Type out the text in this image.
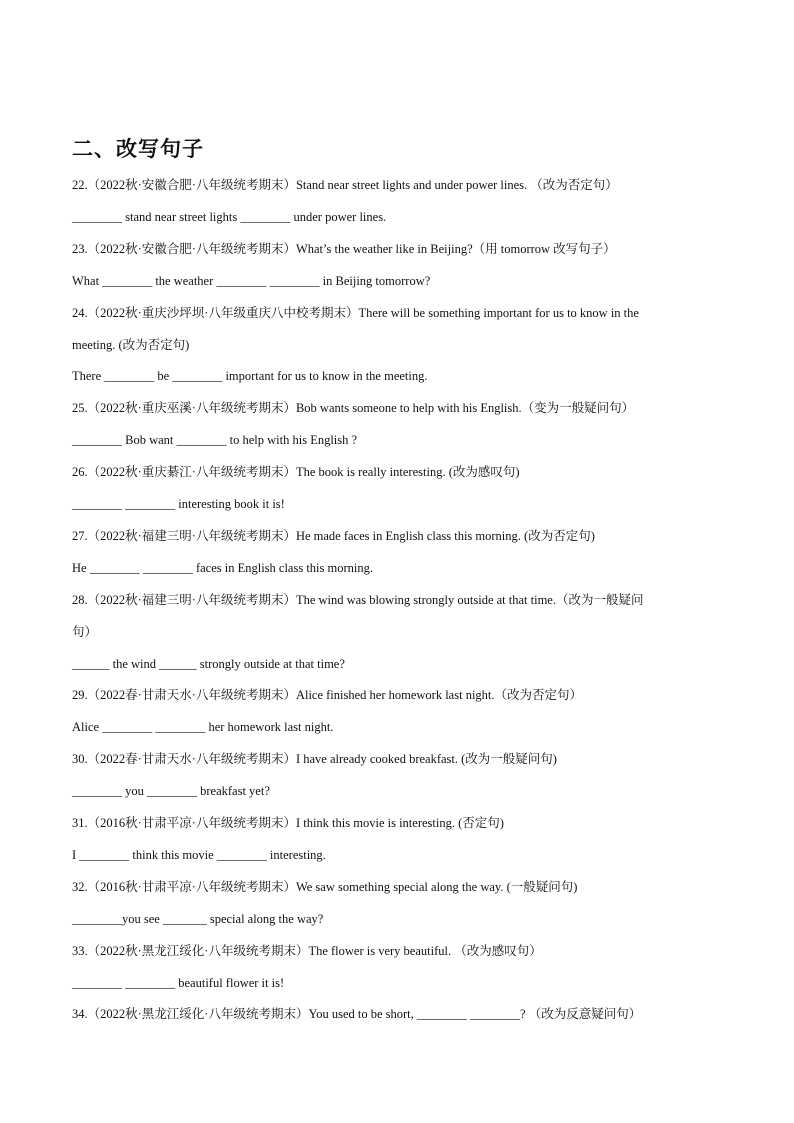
二、改写句子
22.（2022秋·安徽合肥·八年级统考期末）Stand near street lights and under power lines. （改为否定句）
________ stand near street lights ________ under power lines.
23.（2022秋·安徽合肥·八年级统考期末）What’s the weather like in Beijing?（用 tomorrow 改写句子）
What ________ the weather ________ ________ in Beijing tomorrow?
24.（2022秋·重庆沙坪坝·八年级重庆八中校考期末）There will be something important for us to know in the
meeting. (改为否定句)
There ________ be ________ important for us to know in the meeting.
25.（2022秋·重庆巫溪·八年级统考期末）Bob wants someone to help with his English.（变为一般疑问句）
________ Bob want ________ to help with his English ?
26.（2022秋·重庆綦江·八年级统考期末）The book is really interesting. (改为感叹句)
________ ________ interesting book it is!
27.（2022秋·福建三明·八年级统考期末）He made faces in English class this morning. (改为否定句)
He ________ ________ faces in English class this morning.
28.（2022秋·福建三明·八年级统考期末）The wind was blowing strongly outside at that time.（改为一般疑问
句）
______ the wind ______ strongly outside at that time?
29.（2022春·甘肃天水·八年级统考期末）Alice finished her homework last night.（改为否定句）
Alice ________ ________ her homework last night.
30.（2022春·甘肃天水·八年级统考期末）I have already cooked breakfast. (改为一般疑问句)
________ you ________ breakfast yet?
31.（2016秋·甘肃平凉·八年级统考期末）I think this movie is interesting. (否定句)
I ________ think this movie ________ interesting.
32.（2016秋·甘肃平凉·八年级统考期末）We saw something special along the way. (一般疑问句)
________you see _______ special along the way?
33.（2022秋·黑龙江绥化·八年级统考期末）The flower is very beautiful. （改为感叹句）
________ ________ beautiful flower it is!
34.（2022秋·黑龙江绥化·八年级统考期末）You used to be short, ________ ________? （改为反意疑问句）
